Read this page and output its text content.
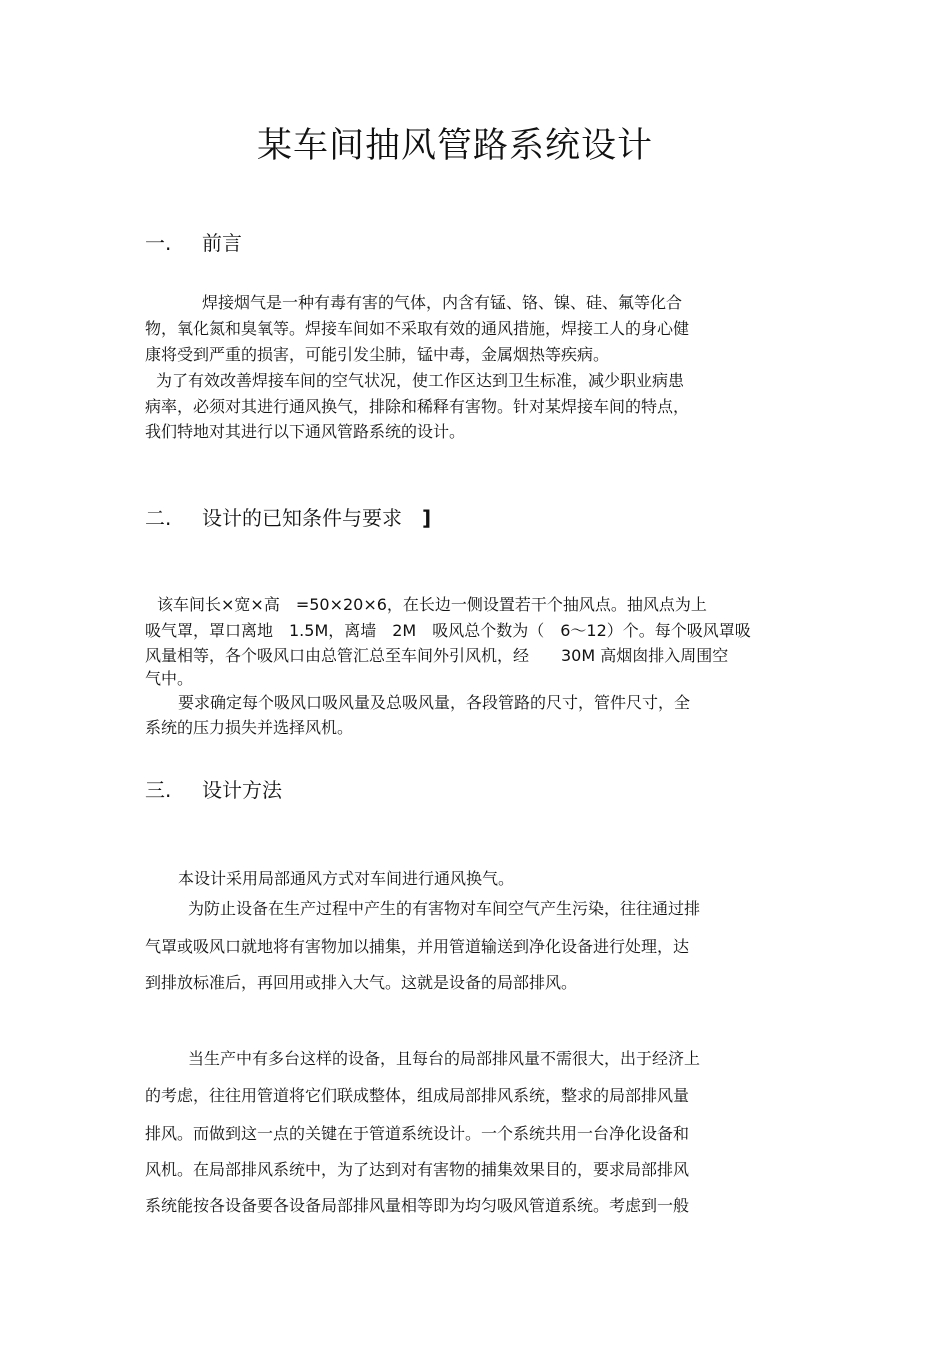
某车间抽风管路系统设计
一. 前言
焊接烟气是一种有毒有害的气体，内含有锰、铬、镍、硅、氟等化合
物，氧化氮和臭氧等。焊接车间如不采取有效的通风措施，焊接工人的身心健
康将受到严重的损害，可能引发尘肺，锰中毒，金属烟热等疾病。
为了有效改善焊接车间的空气状况，使工作区达到卫生标准，减少职业病患
病率，必须对其进行通风换气，排除和稀释有害物。针对某焊接车间的特点，
我们特地对其进行以下通风管路系统的设计。
二. 设计的已知条件与要求 ]
该车间长×宽×高　=50×20×6，在长边一侧设置若干个抽风点。抽风点为上
吸气罩，罩口离地　1.5M，离墙　2M　吸风总个数为（　6～12）个。每个吸风罩吸
风量相等，各个吸风口由总管汇总至车间外引风机，经　　30M 高烟囱排入周围空
气中。
要求确定每个吸风口吸风量及总吸风量，各段管路的尺寸，管件尺寸，全
系统的压力损失并选择风机。
三. 设计方法
本设计采用局部通风方式对车间进行通风换气。
为防止设备在生产过程中产生的有害物对车间空气产生污染，往往通过排
气罩或吸风口就地将有害物加以捕集，并用管道输送到净化设备进行处理，达
到排放标准后，再回用或排入大气。这就是设备的局部排风。
当生产中有多台这样的设备，且每台的局部排风量不需很大，出于经济上
的考虑，往往用管道将它们联成整体，组成局部排风系统，整求的局部排风量
排风。而做到这一点的关键在于管道系统设计。一个系统共用一台净化设备和
风机。在局部排风系统中，为了达到对有害物的捕集效果目的，要求局部排风
系统能按各设备要各设备局部排风量相等即为均匀吸风管道系统。考虑到一般
